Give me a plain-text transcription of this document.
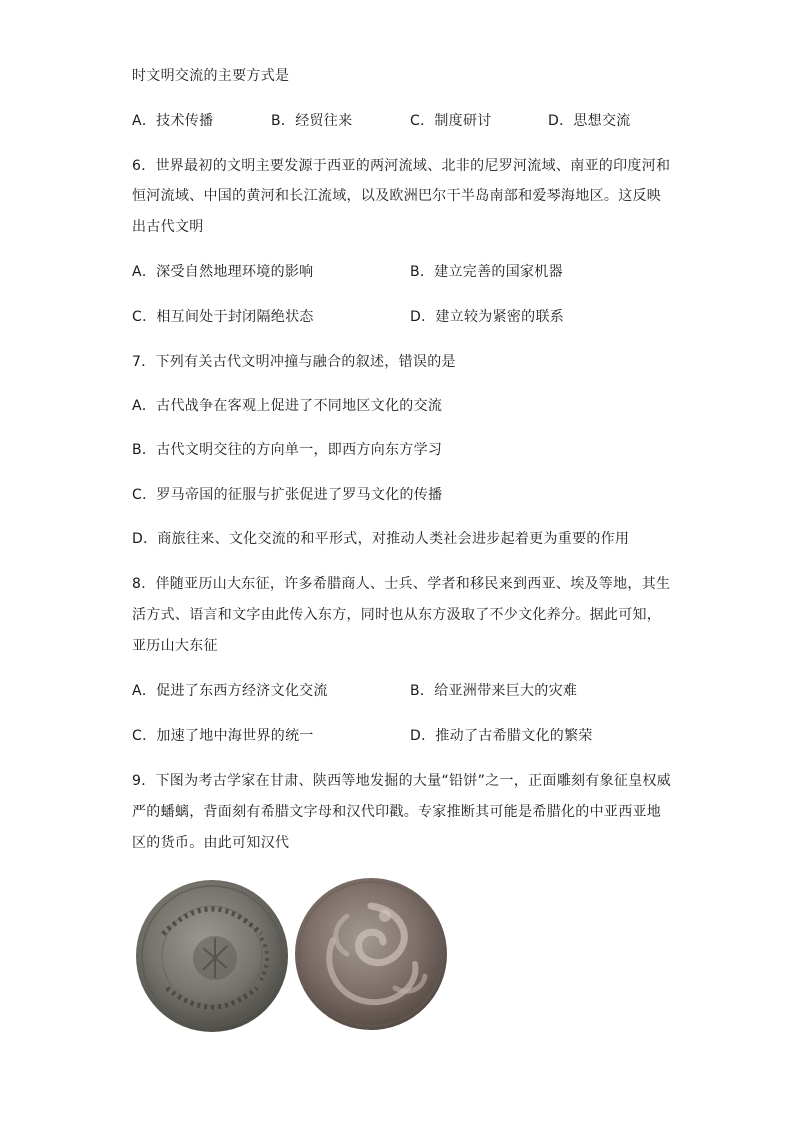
时文明交流的主要方式是
A．技术传播	B．经贸往来	C．制度研讨	D．思想交流
6．世界最初的文明主要发源于西亚的两河流域、北非的尼罗河流域、南亚的印度河和
恒河流域、中国的黄河和长江流域，以及欧洲巴尔干半岛南部和爱琴海地区。这反映
出古代文明
A．深受自然地理环境的影响	B．建立完善的国家机器
C．相互间处于封闭隔绝状态	D．建立较为紧密的联系
7．下列有关古代文明冲撞与融合的叙述，错误的是
A．古代战争在客观上促进了不同地区文化的交流
B．古代文明交往的方向单一，即西方向东方学习
C．罗马帝国的征服与扩张促进了罗马文化的传播
D．商旅往来、文化交流的和平形式，对推动人类社会进步起着更为重要的作用
8．伴随亚历山大东征，许多希腊商人、士兵、学者和移民来到西亚、埃及等地，其生
活方式、语言和文字由此传入东方，同时也从东方汲取了不少文化养分。据此可知，
亚历山大东征
A．促进了东西方经济文化交流	B．给亚洲带来巨大的灾难
C．加速了地中海世界的统一	D．推动了古希腊文化的繁荣
9．下图为考古学家在甘肃、陕西等地发掘的大量“铅饼”之一，正面雕刻有象征皇权威
严的蟠螭，背面刻有希腊文字母和汉代印戳。专家推断其可能是希腊化的中亚西亚地
区的货币。由此可知汉代
